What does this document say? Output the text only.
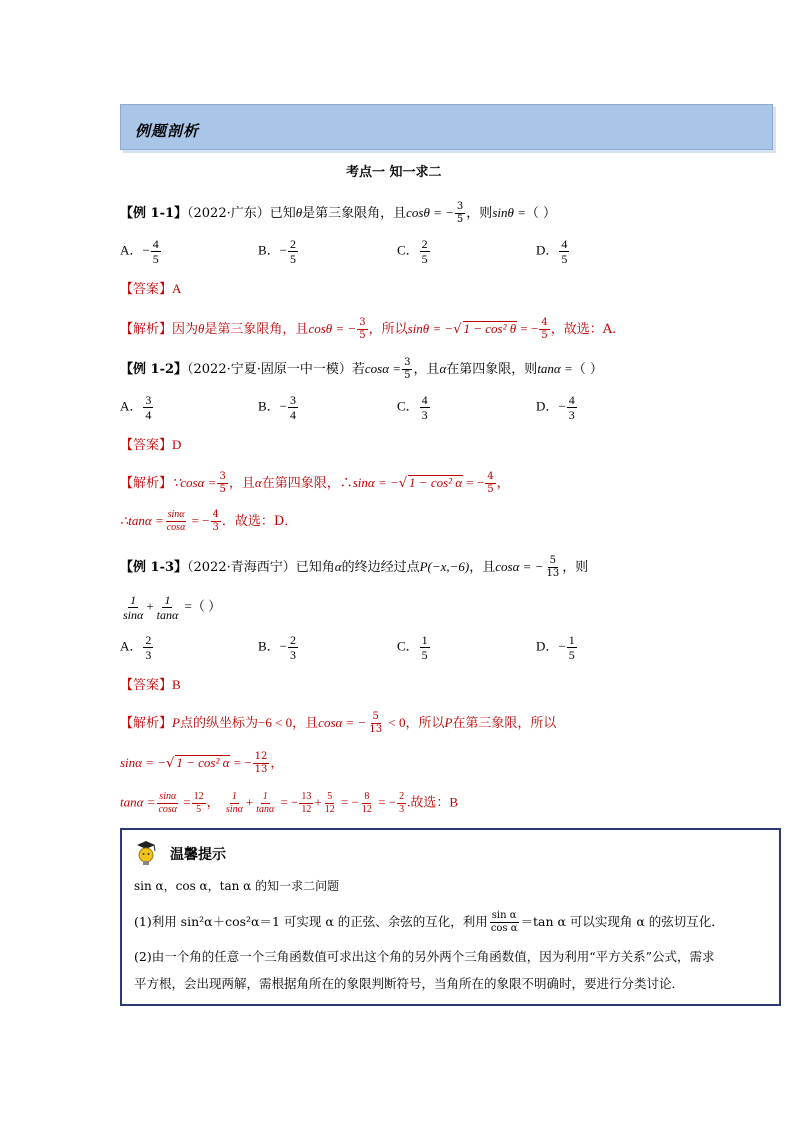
例题剖析
考点一 知一求二
【例 1-1】（2022·广东）已知θ是第三象限角，且cosθ = − $\frac{3}{5}$ ，则sinθ =（ ）
A．− $\frac{4}{5}$	B．− $\frac{2}{5}$	C． $\frac{2}{5}$	D． $\frac{4}{5}$
【答案】A
【解析】因为θ是第三象限角，且cosθ = − $\frac{3}{5}$ ，所以sinθ = −√ 1 − cos² θ = − $\frac{4}{5}$ ，故选：A.
【例 1-2】（2022·宁夏·固原一中一模）若$\cos\alpha = \frac{3}{5}$ ，且α在第四象限，则tanα =（ ）
A． $\frac{3}{4}$	B．− $\frac{3}{4}$	C． $\frac{4}{3}$	D．− $\frac{4}{3}$
【答案】D
【解析】∵cosα = $\frac{3}{5}$ ，且α在第四象限，∴sinα = −√ 1 − cos² α = − $\frac{4}{5}$ ，
∴tanα = $\frac{\sin\alpha}{\cos\alpha}$ = − $\frac{4}{3}$ ．故选：D．
【例 1-3】（2022·青海西宁）已知角α的终边经过点P(−x,−6)，且cosα = − $\frac{5}{13}$ ，则
$\frac{1}{\sin\alpha} + \frac{1}{\tan\alpha}$ =（ ）
A． $\frac{2}{3}$	B．− $\frac{2}{3}$	C． $\frac{1}{5}$	D．− $\frac{1}{5}$
【答案】B
【解析】P点的纵坐标为−6 < 0，且cosα = − $\frac{5}{13} < 0$，所以P在第三象限，所以
sinα = −√ 1 − cos² α = − $\frac{12}{13}$ ，
$\tan\alpha = \frac{\sin\alpha}{\cos\alpha} = \frac{12}{5}$ ， $\frac{1}{\sin\alpha} + \frac{1}{\tan\alpha}$ = − $\frac{13}{12} + \frac{5}{12}$ = − $\frac{8}{12}$ = − $\frac{2}{3}$ .故选：B
温馨提示
sin α，cos α，tan α 的知一求二问题
(1)利用 sin²α＋cos²α＝1 可实现 α 的正弦、余弦的互化，利用 $\frac{\text{sin α}}{\text{cos α}} =\tan$ α 可以实现角 α 的弦切互化．
(2)由一个角的任意一个三角函数值可求出这个角的另外两个三角函数值，因为利用“平方关系”公式，需求
平方根，会出现两解，需根据角所在的象限判断符号，当角所在的象限不明确时，要进行分类讨论．
